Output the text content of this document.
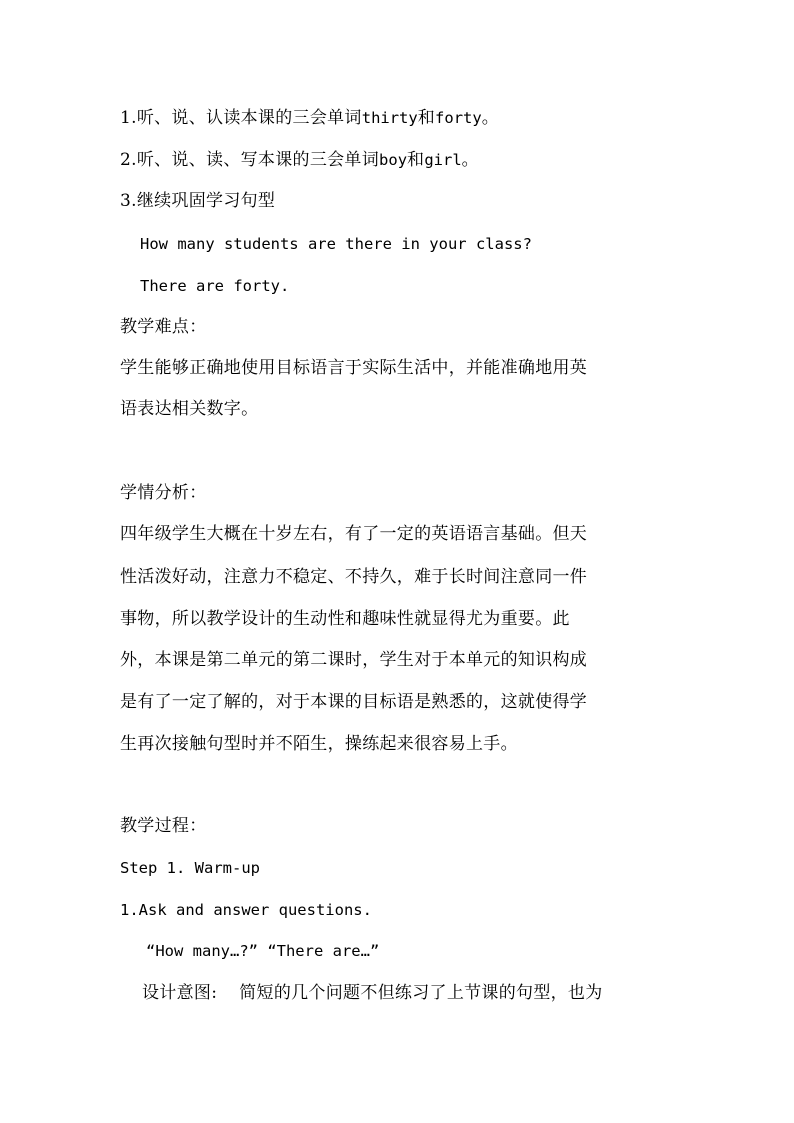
1.听、说、认读本课的三会单词thirty和forty。
2.听、说、读、写本课的三会单词boy和girl。
3.继续巩固学习句型
How many students are there in your class?
There are forty.
教学难点：
学生能够正确地使用目标语言于实际生活中，并能准确地用英
语表达相关数字。
学情分析：
四年级学生大概在十岁左右，有了一定的英语语言基础。但天
性活泼好动，注意力不稳定、不持久，难于长时间注意同一件
事物，所以教学设计的生动性和趣味性就显得尤为重要。此
外，本课是第二单元的第二课时，学生对于本单元的知识构成
是有了一定了解的，对于本课的目标语是熟悉的，这就使得学
生再次接触句型时并不陌生，操练起来很容易上手。
教学过程：
Step 1. Warm-up
1.Ask and answer questions.
“How many…?” “There are…”
设计意图: 简短的几个问题不但练习了上节课的句型，也为
